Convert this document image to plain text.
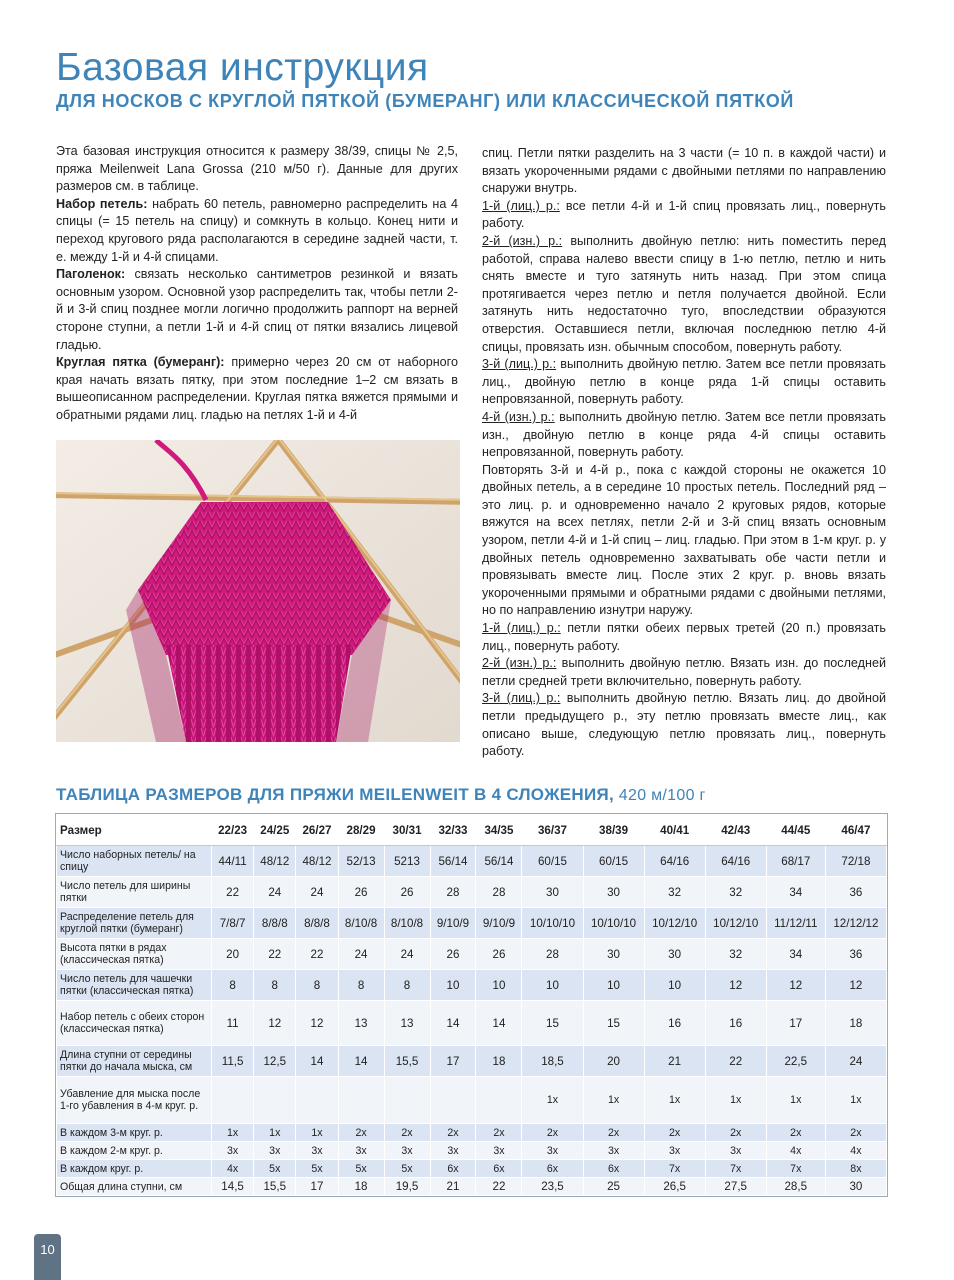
Базовая инструкция
ДЛЯ НОСКОВ С КРУГЛОЙ ПЯТКОЙ (БУМЕРАНГ) ИЛИ КЛАССИЧЕСКОЙ ПЯТКОЙ

Эта базовая инструкция относится к размеру 38/39, спицы № 2,5, пряжа Meilenweit Lana Grossa (210 м/50 г). Данные для других размеров см. в таблице.

Набор петель: набрать 60 петель, равномерно распределить на 4 спицы (= 15 петель на спицу) и сомкнуть в кольцо. Конец нити и переход кругового ряда располагаются в середине задней части, т. е. между 1-й и 4-й спицами.

Паголенок: связать несколько сантиметров резинкой и вязать основным узором. Основной узор распределить так, чтобы петли 2-й и 3-й спиц позднее могли логично продолжить раппорт на верней стороне ступни, а петли 1-й и 4-й спиц от пятки вязались лицевой гладью.

Круглая пятка (бумеранг): примерно через 20 см от наборного края начать вязать пятку, при этом последние 1–2 см вязать в вышеописанном распределении. Круглая пятка вяжется прямыми и обратными рядами лиц. гладью на петлях 1-й и 4-й

спиц. Петли пятки разделить на 3 части (= 10 п. в каждой части) и вязать укороченными рядами с двойными петлями по направлению снаружи внутрь.

1-й (лиц.) р.: все петли 4-й и 1-й спиц провязать лиц., повернуть работу.

2-й (изн.) р.: выполнить двойную петлю: нить поместить перед работой, справа налево ввести спицу в 1-ю петлю, петлю и нить снять вместе и туго затянуть нить назад. При этом спица протягивается через петлю и петля получается двойной. Если затянуть нить недостаточно туго, впоследствии образуются отверстия. Оставшиеся петли, включая последнюю петлю 4-й спицы, провязать изн. обычным способом, повернуть работу.

3-й (лиц.) р.: выполнить двойную петлю. Затем все петли провязать лиц., двойную петлю в конце ряда 1-й спицы оставить непровязанной, повернуть работу.

4-й (изн.) р.: выполнить двойную петлю. Затем все петли провязать изн., двойную петлю в конце ряда 4-й спицы оставить непровязанной, повернуть работу.

Повторять 3-й и 4-й р., пока с каждой стороны не окажется 10 двойных петель, а в середине 10 простых петель. Последний ряд – это лиц. р. и одновременно начало 2 круговых рядов, которые вяжутся на всех петлях, петли 2-й и 3-й спиц вязать основным узором, петли 4-й и 1-й спиц – лиц. гладью. При этом в 1-м круг. р. у двойных петель одновременно захватывать обе части петли и провязывать вместе лиц. После этих 2 круг. р. вновь вязать укороченными прямыми и обратными рядами с двойными петлями, но по направлению изнутри наружу.

1-й (лиц.) р.: петли пятки обеих первых третей (20 п.) провязать лиц., повернуть работу.

2-й (изн.) р.: выполнить двойную петлю. Вязать изн. до последней петли средней трети включительно, повернуть работу.

3-й (лиц.) р.: выполнить двойную петлю. Вязать лиц. до двойной петли предыдущего р., эту петлю провязать вместе лиц., как описано выше, следующую петлю провязать лиц., повернуть работу.

ТАБЛИЦА РАЗМЕРОВ ДЛЯ ПРЯЖИ MEILENWEIT В 4 СЛОЖЕНИЯ, 420 м/100 г
Размер	22/23	24/25	26/27	28/29	30/31	32/33	34/35	36/37	38/39	40/41	42/43	44/45	46/47
Число наборных петель/ на спицу	44/11	48/12	48/12	52/13	5213	56/14	56/14	60/15	60/15	64/16	64/16	68/17	72/18
Число петель для ширины пятки	22	24	24	26	26	28	28	30	30	32	32	34	36
Распределение петель для круглой пятки (бумеранг)	7/8/7	8/8/8	8/8/8	8/10/8	8/10/8	9/10/9	9/10/9	10/10/10	10/10/10	10/12/10	10/12/10	11/12/11	12/12/12
Высота пятки в рядах (классическая пятка)	20	22	22	24	24	26	26	28	30	30	32	34	36
Число петель для чашечки пятки (классическая пятка)	8	8	8	8	8	10	10	10	10	10	12	12	12
Набор петель с обеих сторон (классическая пятка)	11	12	12	13	13	14	14	15	15	16	16	17	18
Длина ступни от середины пятки до начала мыска, см	11,5	12,5	14	14	15,5	17	18	18,5	20	21	22	22,5	24
Убавление для мыска после 1-го убавления в 4-м круг. р.								1x	1x	1x	1x	1x	1x
В каждом 3-м круг. р.	1x	1x	1x	2x	2x	2x	2x	2x	2x	2x	2x	2x	2x
В каждом 2-м круг. р.	3x	3x	3x	3x	3x	3x	3x	3x	3x	3x	3x	4x	4x
В каждом круг. р.	4x	5x	5x	5x	5x	6x	6x	6x	6x	7x	7x	7x	8x
Общая длина ступни, см	14,5	15,5	17	18	19,5	21	22	23,5	25	26,5	27,5	28,5	30
10
